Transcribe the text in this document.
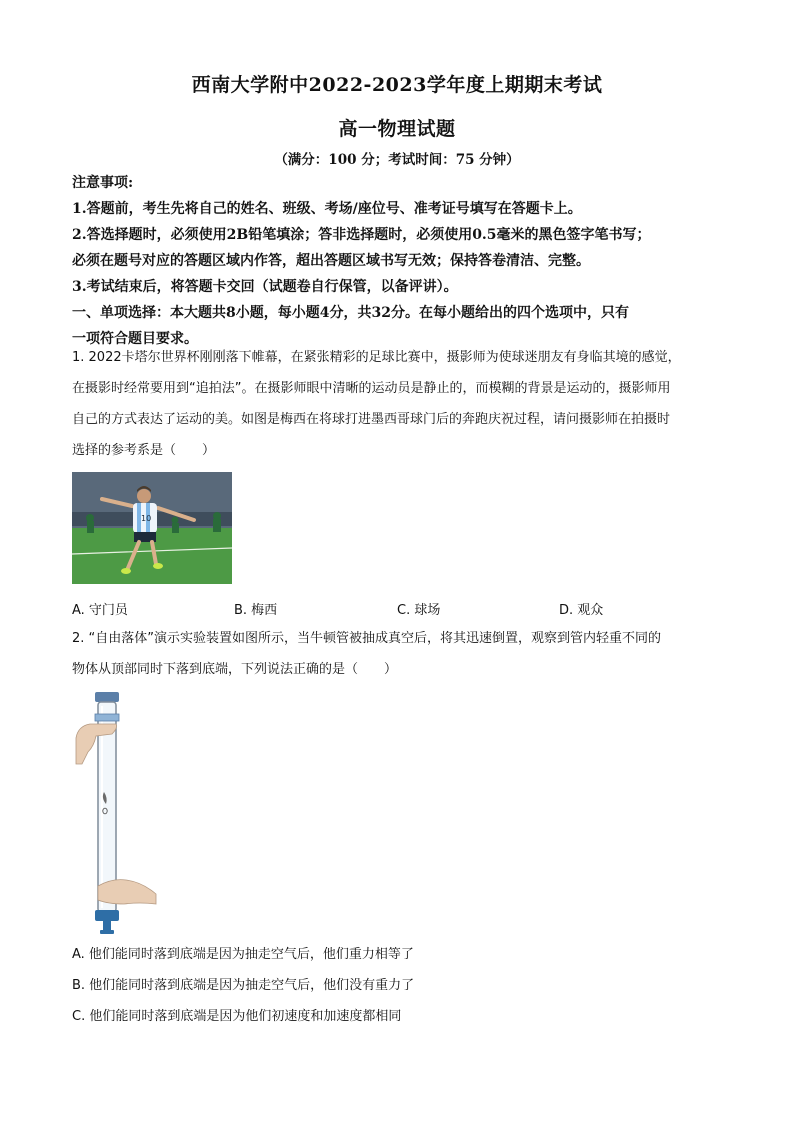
西南大学附中2022-2023学年度上期期末考试
高一物理试题
（满分：100 分；考试时间：75 分钟）
注意事项:
1.答题前，考生先将自己的姓名、班级、考场/座位号、准考证号填写在答题卡上。
2.答选择题时，必须使用2B铅笔填涂；答非选择题时，必须使用0.5毫米的黑色签字笔书写；
必须在题号对应的答题区域内作答，超出答题区域书写无效；保持答卷清洁、完整。
3.考试结束后，将答题卡交回（试题卷自行保管，以备评讲）。
一、单项选择：本大题共8小题，每小题4分，共32分。在每小题给出的四个选项中，只有
一项符合题目要求。
1. 2022卡塔尔世界杯刚刚落下帷幕，在紧张精彩的足球比赛中，摄影师为使球迷朋友有身临其境的感觉，
在摄影时经常要用到“追拍法”。在摄影师眼中清晰的运动员是静止的，而模糊的背景是运动的，摄影师用
自己的方式表达了运动的美。如图是梅西在将球打进墨西哥球门后的奔跑庆祝过程，请问摄影师在拍摄时
选择的参考系是（　　）
10
A. 守门员	B. 梅西	C. 球场	D. 观众
2. “自由落体”演示实验装置如图所示，当牛顿管被抽成真空后，将其迅速倒置，观察到管内轻重不同的
物体从顶部同时下落到底端，下列说法正确的是（　　）
A. 他们能同时落到底端是因为抽走空气后，他们重力相等了
B. 他们能同时落到底端是因为抽走空气后，他们没有重力了
C. 他们能同时落到底端是因为他们初速度和加速度都相同
